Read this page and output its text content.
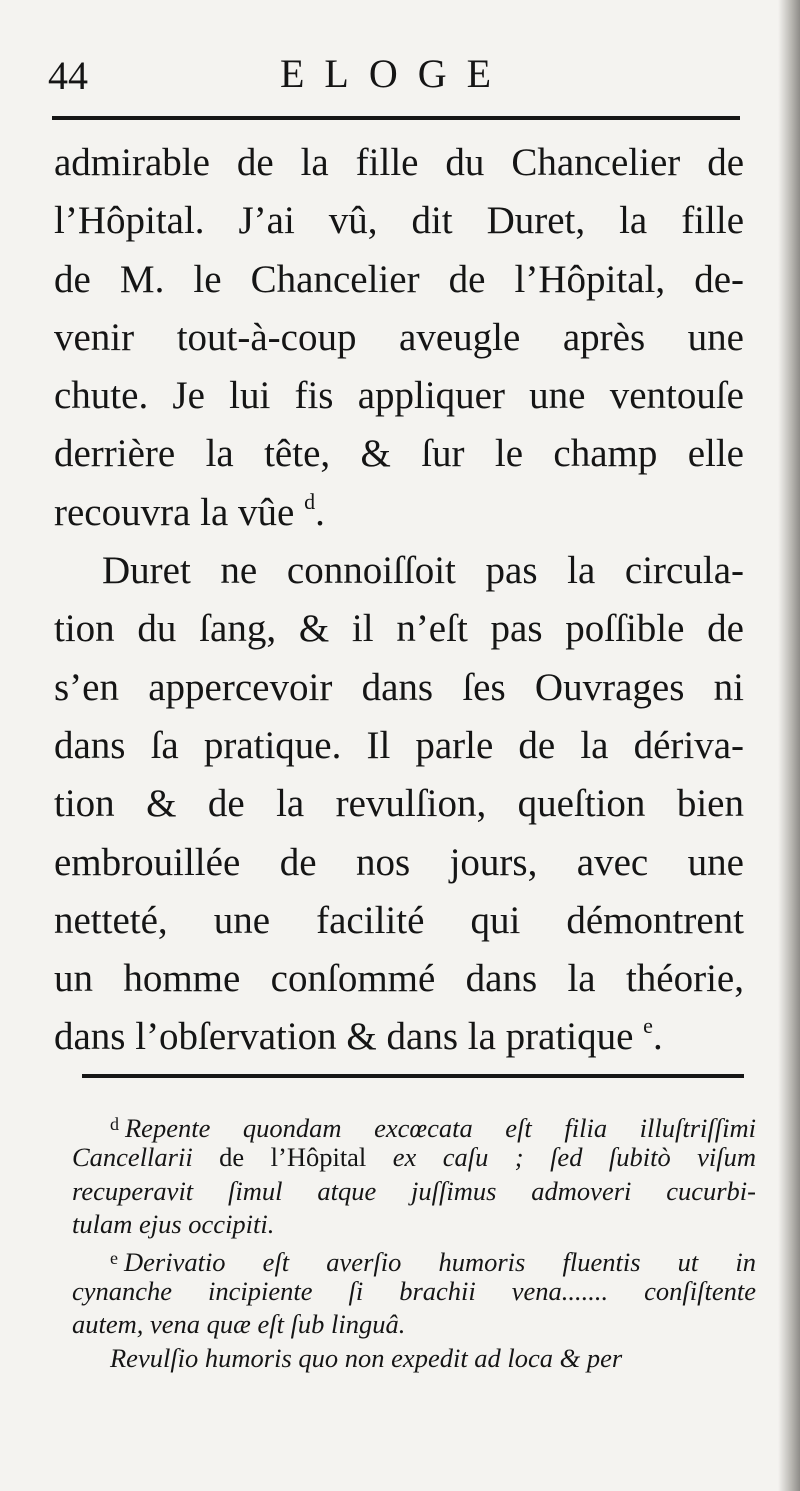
44	ELOGE
admirable de la fille du Chancelier de
l’Hôpital. J’ai vû, dit Duret, la fille
de M. le Chancelier de l’Hôpital, de-
venir tout-à-coup aveugle après une
chute. Je lui fis appliquer une ventouſe
derrière la tête, & ſur le champ elle
recouvra la vûe $^d$.
Duret ne connoiſſoit pas la circula-
tion du ſang, & il n’eſt pas poſſible de
s’en appercevoir dans ſes Ouvrages ni
dans ſa pratique. Il parle de la dériva-
tion & de la revulſion, queſtion bien
embrouillée de nos jours, avec une
netteté, une facilité qui démontrent
un homme conſommé dans la théorie,
dans l’obſervation & dans la pratique $^e$.
$^d$ Repente quondam excœcata eſt filia illuſtriſſimi
Cancellarii de l’Hôpital ex caſu ; ſed ſubitò viſum
recuperavit ſimul atque juſſimus admoveri cucurbi-
tulam ejus occipiti.
$^e$ Derivatio eſt averſio humoris fluentis ut in
cynanche incipiente ſi brachii vena....... conſiſtente
autem, vena quæ eſt ſub linguâ.
Revulſio humoris quo non expedit ad loca & per
